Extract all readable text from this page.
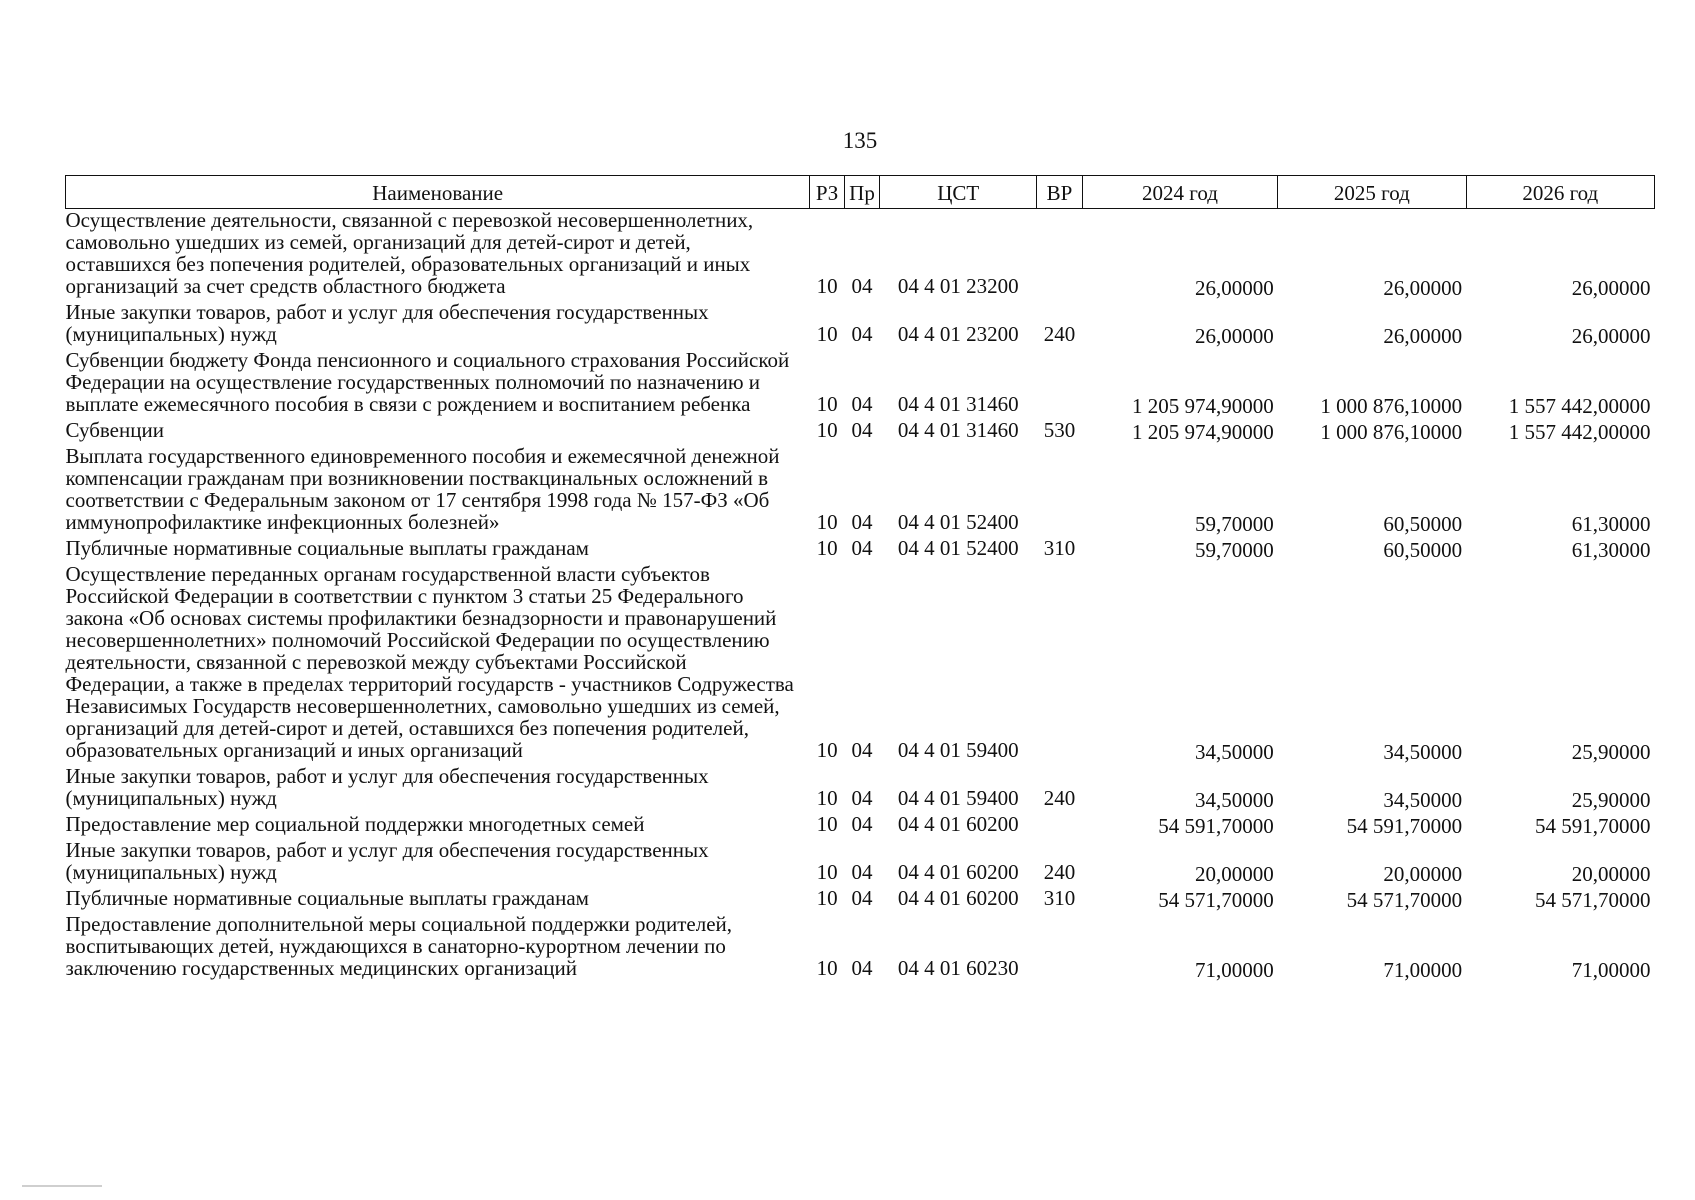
135
Наименование	РЗ	Пр	ЦСТ	ВР	2024 год	2025 год	2026 год
Осуществление деятельности, связанной с перевозкой несовершеннолетних, самовольно ушедших из семей, организаций для детей-сирот и детей, оставшихся без попечения родителей, образовательных организаций и иных организаций за счет средств областного бюджета	10	04	04 4 01 23200		26,00000	26,00000	26,00000
Иные закупки товаров, работ и услуг для обеспечения государственных (муниципальных) нужд	10	04	04 4 01 23200	240	26,00000	26,00000	26,00000
Субвенции бюджету Фонда пенсионного и социального страхования Российской Федерации на осуществление государственных полномочий по назначению и выплате ежемесячного пособия в связи с рождением и воспитанием ребенка	10	04	04 4 01 31460		1 205 974,90000	1 000 876,10000	1 557 442,00000
Субвенции	10	04	04 4 01 31460	530	1 205 974,90000	1 000 876,10000	1 557 442,00000
Выплата государственного единовременного пособия и ежемесячной денежной компенсации гражданам при возникновении поствакцинальных осложнений в соответствии с Федеральным законом от 17 сентября 1998 года № 157-ФЗ «Об иммунопрофилактике инфекционных болезней»	10	04	04 4 01 52400		59,70000	60,50000	61,30000
Публичные нормативные социальные выплаты гражданам	10	04	04 4 01 52400	310	59,70000	60,50000	61,30000
Осуществление переданных органам государственной власти субъектов Российской Федерации в соответствии с пунктом 3 статьи 25 Федерального закона «Об основах системы профилактики безнадзорности и правонарушений несовершеннолетних» полномочий Российской Федерации по осуществлению деятельности, связанной с перевозкой между субъектами Российской Федерации, а также в пределах территорий государств - участников Содружества Независимых Государств несовершеннолетних, самовольно ушедших из семей, организаций для детей-сирот и детей, оставшихся без попечения родителей, образовательных организаций и иных организаций	10	04	04 4 01 59400		34,50000	34,50000	25,90000
Иные закупки товаров, работ и услуг для обеспечения государственных (муниципальных) нужд	10	04	04 4 01 59400	240	34,50000	34,50000	25,90000
Предоставление мер социальной поддержки многодетных семей	10	04	04 4 01 60200		54 591,70000	54 591,70000	54 591,70000
Иные закупки товаров, работ и услуг для обеспечения государственных (муниципальных) нужд	10	04	04 4 01 60200	240	20,00000	20,00000	20,00000
Публичные нормативные социальные выплаты гражданам	10	04	04 4 01 60200	310	54 571,70000	54 571,70000	54 571,70000
Предоставление дополнительной меры социальной поддержки родителей, воспитывающих детей, нуждающихся в санаторно-курортном лечении по заключению государственных медицинских организаций	10	04	04 4 01 60230		71,00000	71,00000	71,00000
